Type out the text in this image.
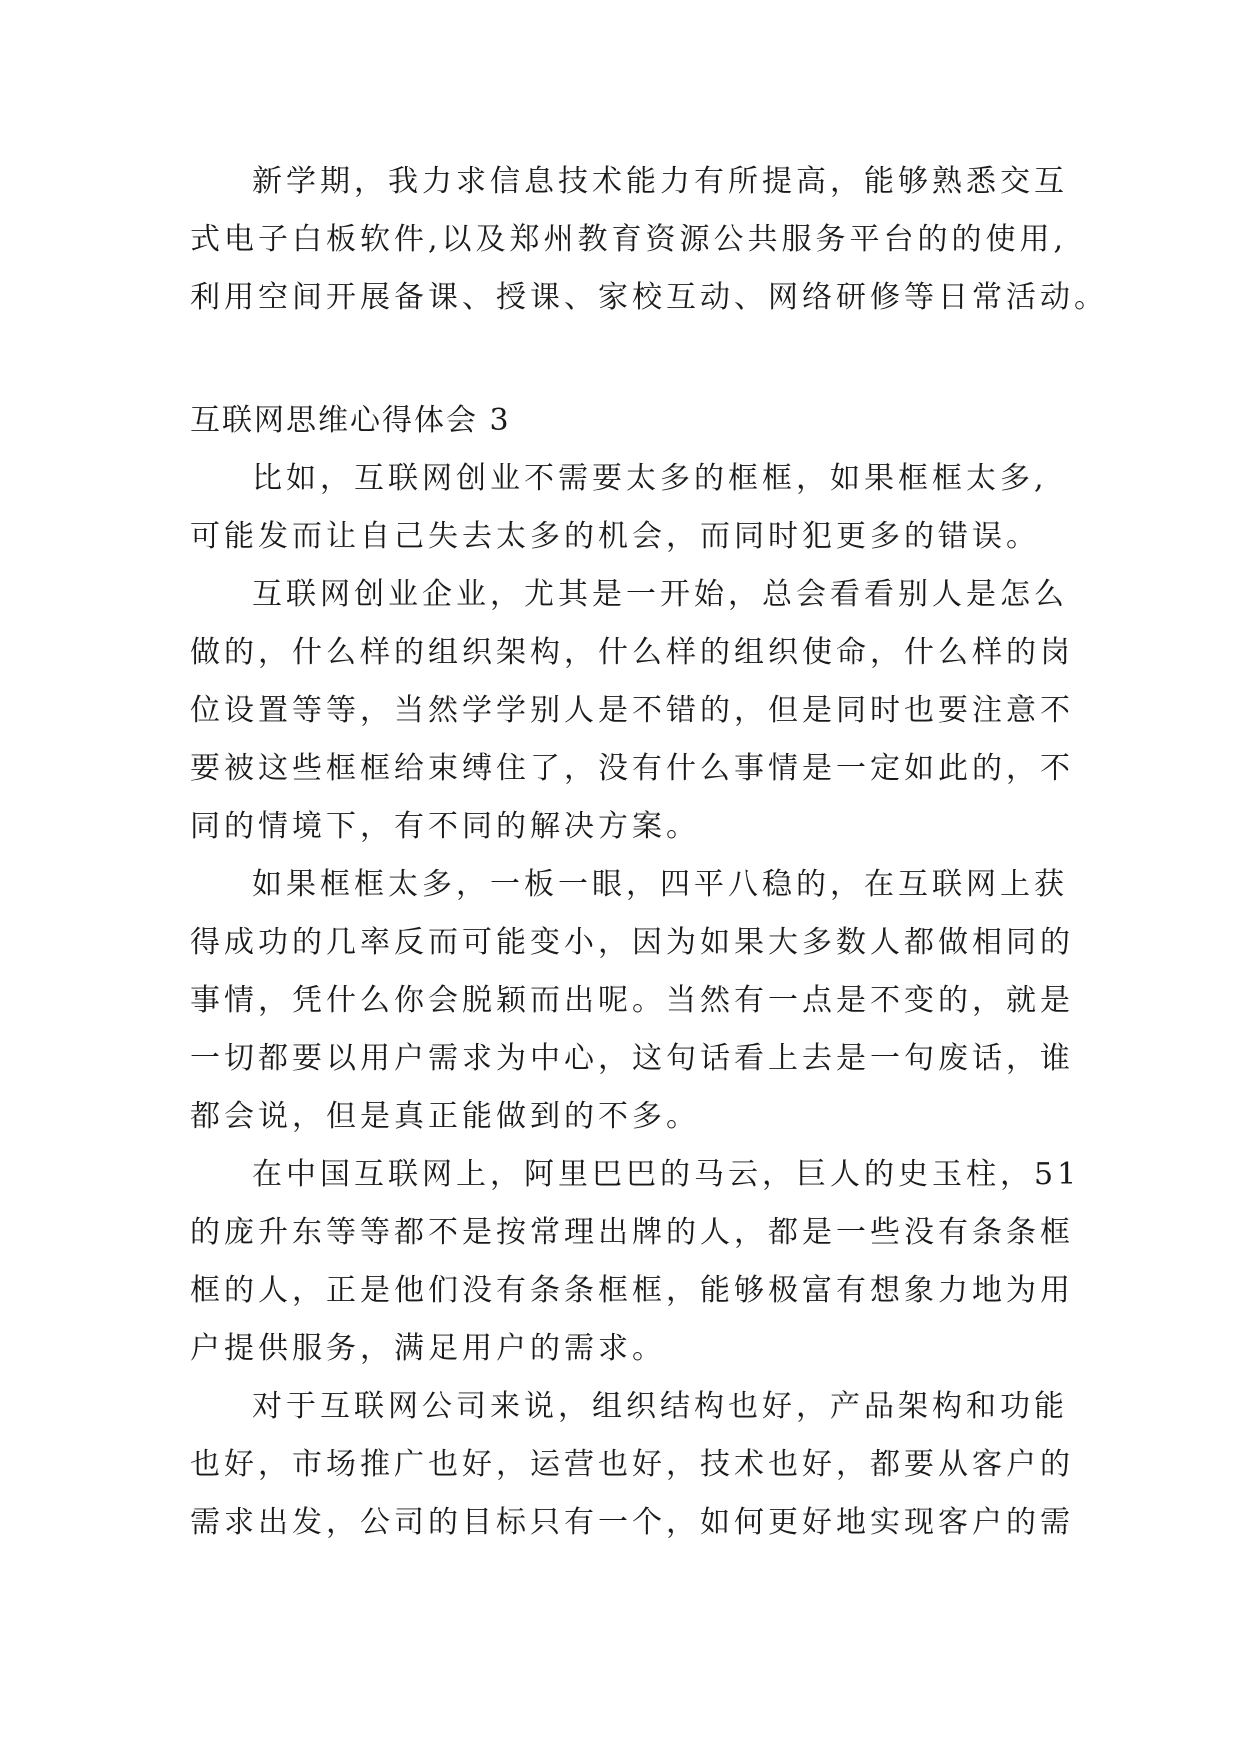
新学期，我力求信息技术能力有所提高，能够熟悉交互
式电子白板软件,以及郑州教育资源公共服务平台的的使用,
利用空间开展备课、授课、家校互动、网络研修等日常活动。
互联网思维心得体会 3
比如，互联网创业不需要太多的框框，如果框框太多,
可能发而让自己失去太多的机会，而同时犯更多的错误。
互联网创业企业，尤其是一开始，总会看看别人是怎么
做的，什么样的组织架构，什么样的组织使命，什么样的岗
位设置等等，当然学学别人是不错的，但是同时也要注意不
要被这些框框给束缚住了，没有什么事情是一定如此的，不
同的情境下，有不同的解决方案。
如果框框太多，一板一眼，四平八稳的，在互联网上获
得成功的几率反而可能变小，因为如果大多数人都做相同的
事情，凭什么你会脱颖而出呢。当然有一点是不变的，就是
一切都要以用户需求为中心，这句话看上去是一句废话，谁
都会说，但是真正能做到的不多。
在中国互联网上，阿里巴巴的马云，巨人的史玉柱，51
的庞升东等等都不是按常理出牌的人，都是一些没有条条框
框的人，正是他们没有条条框框，能够极富有想象力地为用
户提供服务，满足用户的需求。
对于互联网公司来说，组织结构也好，产品架构和功能
也好，市场推广也好，运营也好，技术也好，都要从客户的
需求出发，公司的目标只有一个，如何更好地实现客户的需
